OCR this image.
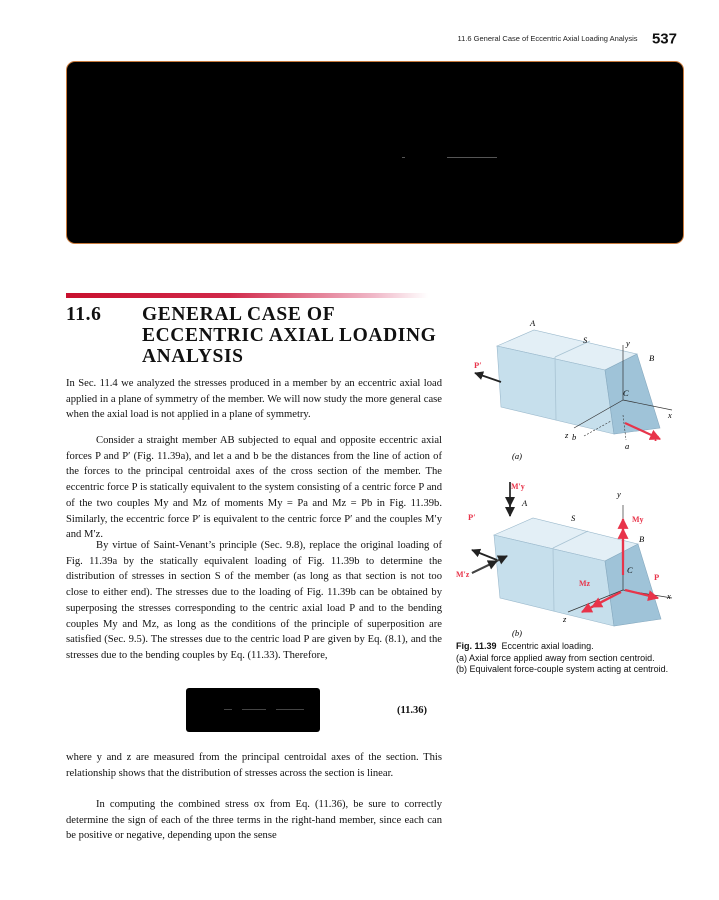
11.6 General Case of Eccentric Axial Loading Analysis 537
11.6 GENERAL CASE OF ECCENTRIC AXIAL LOADING ANALYSIS
In Sec. 11.4 we analyzed the stresses produced in a member by an eccentric axial load applied in a plane of symmetry of the member. We will now study the more general case when the axial load is not applied in a plane of symmetry.
Consider a straight member AB subjected to equal and opposite eccentric axial forces P and P′ (Fig. 11.39a), and let a and b be the distances from the line of action of the forces to the principal centroidal axes of the cross section of the member. The eccentric force P is statically equivalent to the system consisting of a centric force P and of the two couples My and Mz of moments My = Pa and Mz = Pb in Fig. 11.39b. Similarly, the eccentric force P′ is equivalent to the centric force P′ and the couples M′y and M′z.
By virtue of Saint-Venant’s principle (Sec. 9.8), replace the original loading of Fig. 11.39a by the statically equivalent loading of Fig. 11.39b to determine the distribution of stresses in section S of the member (as long as that section is not too close to either end). The stresses due to the loading of Fig. 11.39b can be obtained by superposing the stresses corresponding to the centric axial load P and to the bending couples My and Mz, as long as the conditions of the principle of superposition are satisfied (Sec. 9.5). The stresses due to the centric load P are given by Eq. (8.1), and the stresses due to the bending couples by Eq. (11.33). Therefore,
(11.36)
where y and z are measured from the principal centroidal axes of the section. This relationship shows that the distribution of stresses across the section is linear.
In computing the combined stress σx from Eq. (11.36), be sure to correctly determine the sign of each of the three terms in the right-hand member, since each can be positive or negative, depending upon the sense
A
S	y
B
C
x
z b
a
P
P′
(a)
M′y
A
y
S	My
P′
B
C
M′z
Mz
P
x
z
(b)
Fig. 11.39 Eccentric axial loading.
(a) Axial force applied away from section centroid.
(b) Equivalent force-couple system acting at centroid.
